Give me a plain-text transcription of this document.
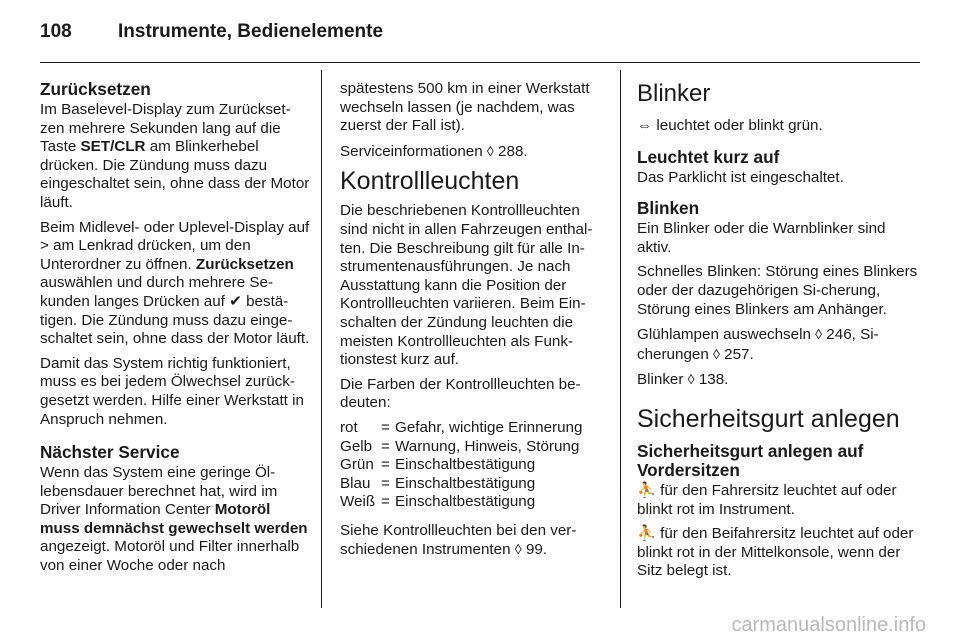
108	Instrumente, Bedienelemente
Zurücksetzen

Im Baselevel-Display zum Zurückset-zen mehrere Sekunden lang auf die Taste SET/CLR am Blinkerhebel drücken. Die Zündung muss dazu eingeschaltet sein, ohne dass der Motor läuft.

Beim Midlevel- oder Uplevel-Display auf > am Lenkrad drücken, um den Unterordner zu öffnen. Zurücksetzen auswählen und durch mehrere Se-kunden langes Drücken auf ✔ bestä-tigen. Die Zündung muss dazu einge-schaltet sein, ohne dass der Motor läuft.

Damit das System richtig funktioniert, muss es bei jedem Ölwechsel zurück-gesetzt werden. Hilfe einer Werkstatt in Anspruch nehmen.

Nächster Service

Wenn das System eine geringe Öl-lebensdauer berechnet hat, wird im Driver Information Center Motoröl muss demnächst gewechselt werden angezeigt. Motoröl und Filter innerhalb von einer Woche oder nach

spätestens 500 km in einer Werkstatt wechseln lassen (je nachdem, was zuerst der Fall ist).

Serviceinformationen ◊ 288.

Kontrollleuchten

Die beschriebenen Kontrollleuchten sind nicht in allen Fahrzeugen enthal-ten. Die Beschreibung gilt für alle In-strumentenausführungen. Je nach Ausstattung kann die Position der Kontrollleuchten variieren. Beim Ein-schalten der Zündung leuchten die meisten Kontrollleuchten als Funk-tionstest kurz auf.

Die Farben der Kontrollleuchten be-deuten:

rot	=	Gefahr, wichtige Erinnerung
Gelb	=	Warnung, Hinweis, Störung
Grün	=	Einschaltbestätigung
Blau	=	Einschaltbestätigung
Weiß	=	Einschaltbestätigung

Siehe Kontrollleuchten bei den ver-schiedenen Instrumenten ◊ 99.

Blinker

⇔ leuchtet oder blinkt grün.

Leuchtet kurz auf

Das Parklicht ist eingeschaltet.

Blinken

Ein Blinker oder die Warnblinker sind aktiv.

Schnelles Blinken: Störung eines Blinkers oder der dazugehörigen Si-cherung, Störung eines Blinkers am Anhänger.

Glühlampen auswechseln ◊ 246, Si-cherungen ◊ 257.

Blinker ◊ 138.

Sicherheitsgurt anlegen
Sicherheitsgurt anlegen auf Vordersitzen

⛹ für den Fahrersitz leuchtet auf oder blinkt rot im Instrument.

⛹ für den Beifahrersitz leuchtet auf oder blinkt rot in der Mittelkonsole, wenn der Sitz belegt ist.

carmanualsonline.info
